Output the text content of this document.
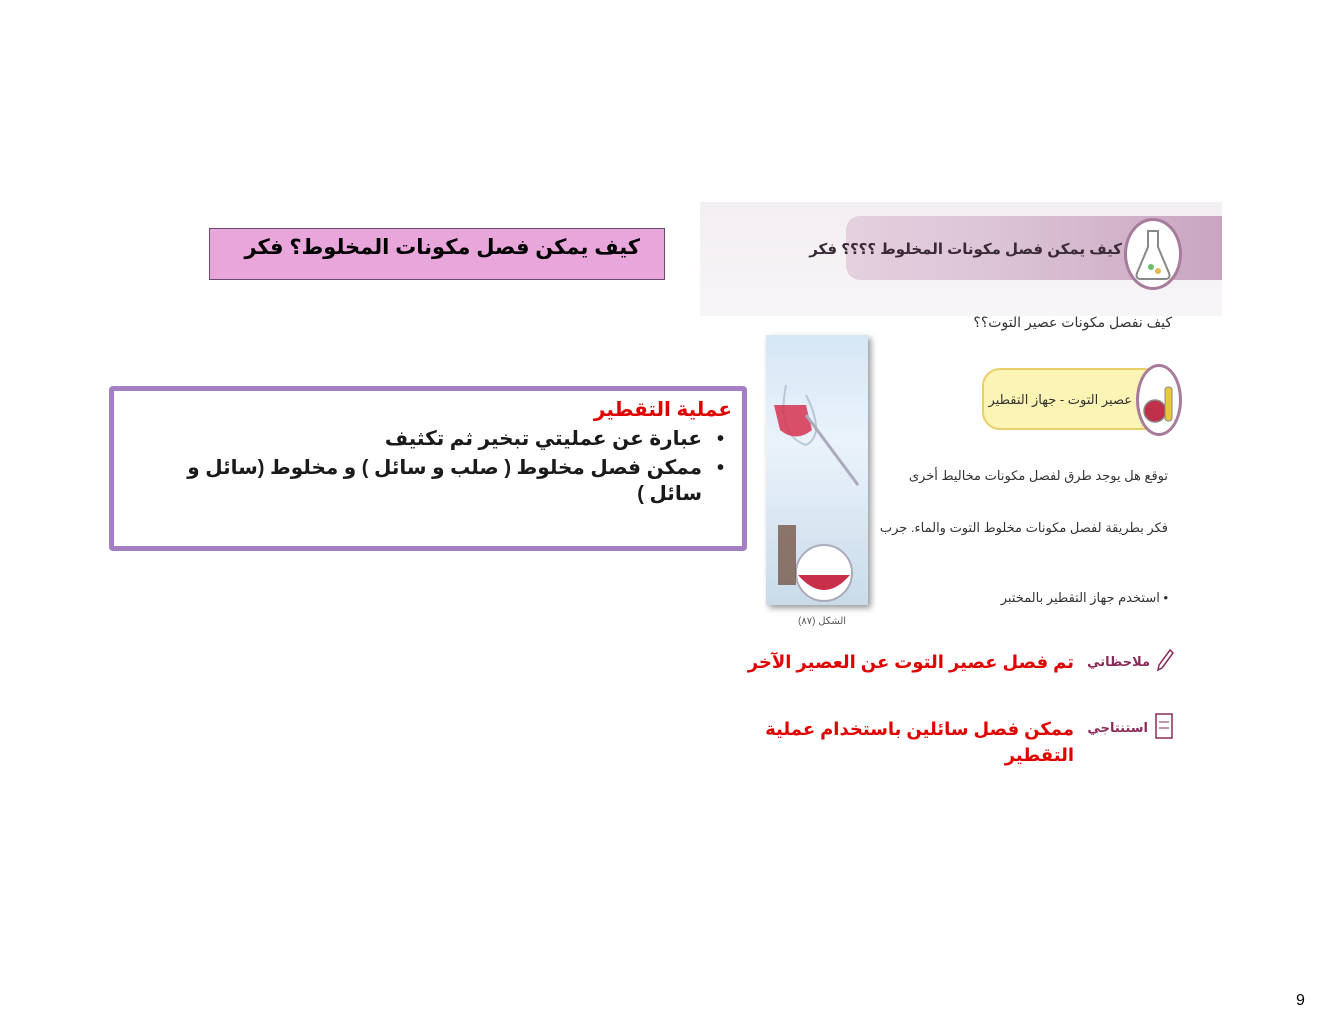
كيف يمكن فصل مكونات المخلوط؟ فكر
عملية التقطير
• عبارة عن عمليتي تبخير ثم تكثيف
• ممكن فصل مخلوط ( صلب و سائل ) و مخلوط (سائل و سائل )
كيف يمكن فصل مكونات المخلوط ؟؟؟؟ فكر
كيف نفصل مكونات عصير التوت؟؟
عصير التوت - جهاز التقطير
توقع هل يوجد طرق لفصل مكونات مخاليط أخرى
فكر بطريقة لفصل مكونات مخلوط التوت والماء. جرب
• استخدم جهاز التقطير بالمختبر
الشكل (٨٧)
ملاحظاتي
تم فصل عصير التوت عن العصير الآخر
استنتاجي
ممكن فصل سائلين باستخدام عملية التقطير
9
